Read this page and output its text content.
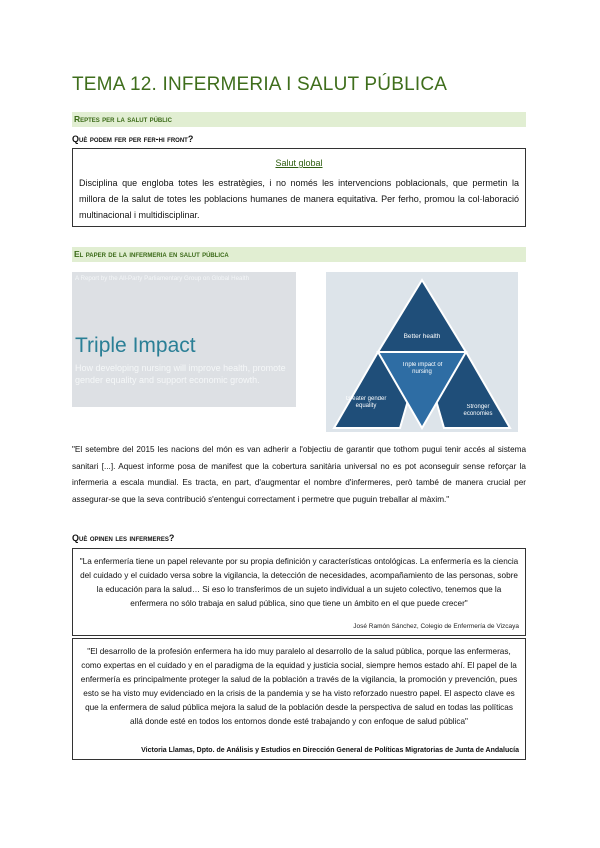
TEMA 12. INFERMERIA I SALUT PÚBLICA
Reptes per la salut públic
Què podem fer per fer-hi front?
Salut global
Disciplina que engloba totes les estratègies, i no només les intervencions poblacionals, que permetin la millora de la salut de totes les poblacions humanes de manera equitativa. Per ferho, promou la col·laboració multinacional i multidisciplinar.
El paper de la infermeria en salut pública
A Report by the All-Party Parliamentary Group on Global Health
Triple Impact
How developing nursing will improve health, promote gender equality and support economic growth.
Better health
Triple impact of nursing
Greater gender equality	Stronger economies
"El setembre del 2015 les nacions del món es van adherir a l'objectiu de garantir que tothom pugui tenir accés al sistema sanitari [...]. Aquest informe posa de manifest que la cobertura sanitària universal no es pot aconseguir sense reforçar la infermeria a escala mundial. Es tracta, en part, d'augmentar el nombre d'infermeres, però també de manera crucial per assegurar-se que la seva contribució s'entengui correctament i permetre que puguin treballar al màxim."
Què opinen les infermeres?
"La enfermería tiene un papel relevante por su propia definición y características ontológicas. La enfermería es la ciencia del cuidado y el cuidado versa sobre la vigilancia, la detección de necesidades, acompañamiento de las personas, sobre la educación para la salud… Si eso lo transferimos de un sujeto individual a un sujeto colectivo, tenemos que la enfermera no sólo trabaja en salud pública, sino que tiene un ámbito en el que puede crecer"
José Ramón Sánchez, Colegio de Enfermería de Vizcaya
"El desarrollo de la profesión enfermera ha ido muy paralelo al desarrollo de la salud pública, porque las enfermeras, como expertas en el cuidado y en el paradigma de la equidad y justicia social, siempre hemos estado ahí. El papel de la enfermería es principalmente proteger la salud de la población a través de la vigilancia, la promoción y prevención, pues esto se ha visto muy evidenciado en la crisis de la pandemia y se ha visto reforzado nuestro papel. El aspecto clave es que la enfermera de salud pública mejora la salud de la población desde la perspectiva de salud en todas las políticas allá donde esté en todos los entornos donde esté trabajando y con enfoque de salud pública"
Victoria Llamas, Dpto. de Análisis y Estudios en Dirección General de Políticas Migratorias de Junta de Andalucía
